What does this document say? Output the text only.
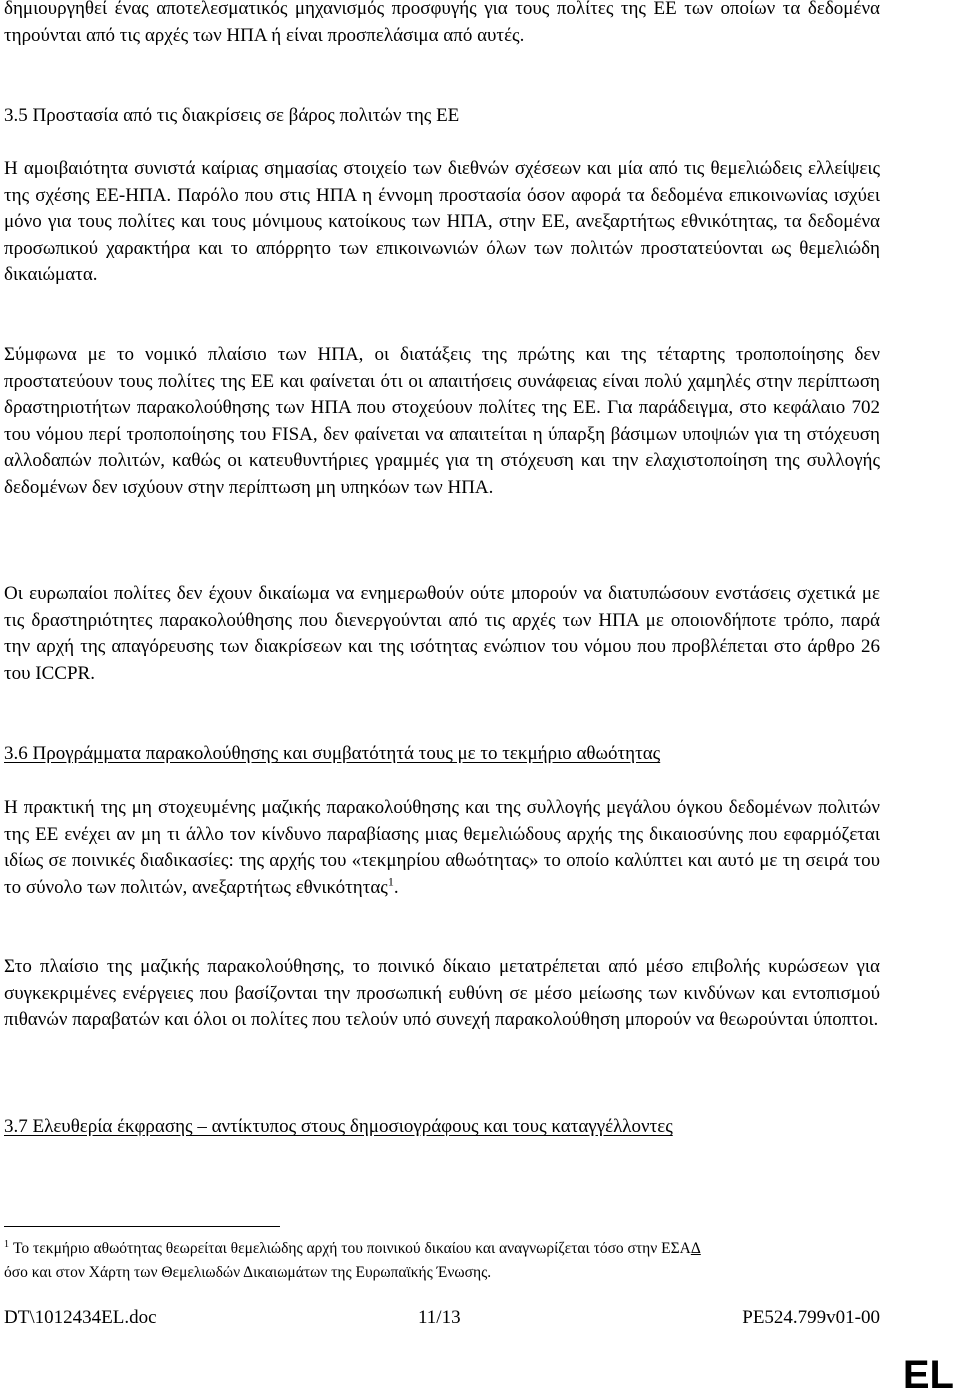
δημιουργηθεί ένας αποτελεσματικός μηχανισμός προσφυγής για τους πολίτες της ΕΕ των οποίων τα δεδομένα τηρούνται από τις αρχές των ΗΠΑ ή είναι προσπελάσιμα από αυτές.

3.5 Προστασία από τις διακρίσεις σε βάρος πολιτών της ΕΕ

Η αμοιβαιότητα συνιστά καίριας σημασίας στοιχείο των διεθνών σχέσεων και μία από τις θεμελιώδεις ελλείψεις της σχέσης ΕΕ-ΗΠΑ. Παρόλο που στις ΗΠΑ η έννομη προστασία όσον αφορά τα δεδομένα επικοινωνίας ισχύει μόνο για τους πολίτες και τους μόνιμους κατοίκους των ΗΠΑ, στην ΕΕ, ανεξαρτήτως εθνικότητας, τα δεδομένα προσωπικού χαρακτήρα και το απόρρητο των επικοινωνιών όλων των πολιτών προστατεύονται ως θεμελιώδη δικαιώματα.

Σύμφωνα με το νομικό πλαίσιο των ΗΠΑ, οι διατάξεις της πρώτης και της τέταρτης τροποποίησης δεν προστατεύουν τους πολίτες της ΕΕ και φαίνεται ότι οι απαιτήσεις συνάφειας είναι πολύ χαμηλές στην περίπτωση δραστηριοτήτων παρακολούθησης των ΗΠΑ που στοχεύουν πολίτες της ΕΕ. Για παράδειγμα, στο κεφάλαιο 702 του νόμου περί τροποποίησης του FISA, δεν φαίνεται να απαιτείται η ύπαρξη βάσιμων υποψιών για τη στόχευση αλλοδαπών πολιτών, καθώς οι κατευθυντήριες γραμμές για τη στόχευση και την ελαχιστοποίηση της συλλογής δεδομένων δεν ισχύουν στην περίπτωση μη υπηκόων των ΗΠΑ.

Οι ευρωπαίοι πολίτες δεν έχουν δικαίωμα να ενημερωθούν ούτε μπορούν να διατυπώσουν ενστάσεις σχετικά με τις δραστηριότητες παρακολούθησης που διενεργούνται από τις αρχές των ΗΠΑ με οποιονδήποτε τρόπο, παρά την αρχή της απαγόρευσης των διακρίσεων και της ισότητας ενώπιον του νόμου που προβλέπεται στο άρθρο 26 του ICCPR.

3.6 Προγράμματα παρακολούθησης και συμβατότητά τους με το τεκμήριο αθωότητας

Η πρακτική της μη στοχευμένης μαζικής παρακολούθησης και της συλλογής μεγάλου όγκου δεδομένων πολιτών της ΕΕ ενέχει αν μη τι άλλο τον κίνδυνο παραβίασης μιας θεμελιώδους αρχής της δικαιοσύνης που εφαρμόζεται ιδίως σε ποινικές διαδικασίες: της αρχής του «τεκμηρίου αθωότητας» το οποίο καλύπτει και αυτό με τη σειρά του το σύνολο των πολιτών, ανεξαρτήτως εθνικότητας$^1$.

Στο πλαίσιο της μαζικής παρακολούθησης, το ποινικό δίκαιο μετατρέπεται από μέσο επιβολής κυρώσεων για συγκεκριμένες ενέργειες που βασίζονται την προσωπική ευθύνη σε μέσο μείωσης των κινδύνων και εντοπισμού πιθανών παραβατών και όλοι οι πολίτες που τελούν υπό συνεχή παρακολούθηση μπορούν να θεωρούνται ύποπτοι.

3.7 Ελευθερία έκφρασης – αντίκτυπος στους δημοσιογράφους και τους καταγγέλλοντες

$^1$ Το τεκμήριο αθωότητας θεωρείται θεμελιώδης αρχή του ποινικού δικαίου και αναγνωρίζεται τόσο στην ΕΣΑΔ
όσο και στον Χάρτη των Θεμελιωδών Δικαιωμάτων της Ευρωπαϊκής Ένωσης.

DT\1012434EL.doc	11/13	PE524.799v01-00
EL
